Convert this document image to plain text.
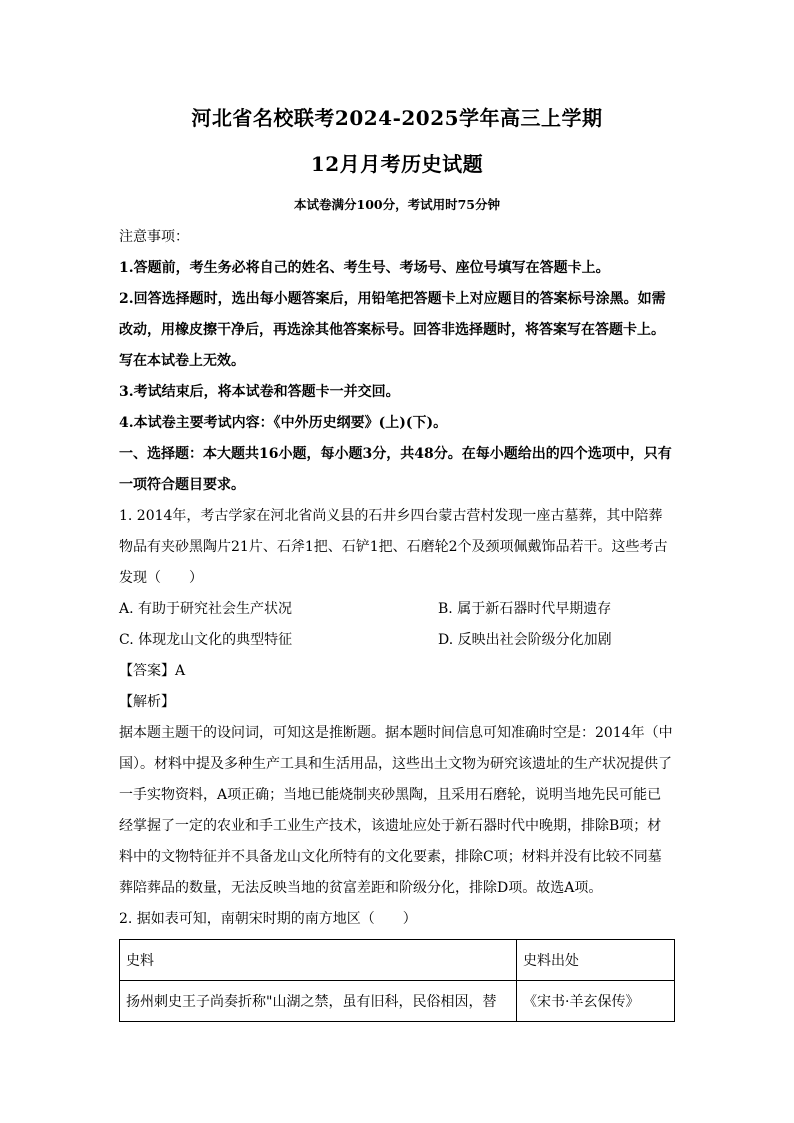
河北省名校联考2024-2025学年高三上学期
12月月考历史试题
本试卷满分100分，考试用时75分钟

注意事项：

1.答题前，考生务必将自己的姓名、考生号、考场号、座位号填写在答题卡上。

2.回答选择题时，选出每小题答案后，用铅笔把答题卡上对应题目的答案标号涂黑。如需改动，用橡皮擦干净后，再选涂其他答案标号。回答非选择题时，将答案写在答题卡上。写在本试卷上无效。

3.考试结束后，将本试卷和答题卡一并交回。

4.本试卷主要考试内容：《中外历史纲要》(上)(下)。

一、选择题：本大题共16小题，每小题3分，共48分。在每小题给出的四个选项中，只有一项符合题目要求。

1. 2014年，考古学家在河北省尚义县的石井乡四台蒙古营村发现一座古墓葬，其中陪葬物品有夹砂黑陶片21片、石斧1把、石铲1把、石磨轮2个及颈项佩戴饰品若干。这些考古发现（　　）

A. 有助于研究社会生产状况	B. 属于新石器时代早期遗存
C. 体现龙山文化的典型特征	D. 反映出社会阶级分化加剧

【答案】A

【解析】

据本题主题干的设问词，可知这是推断题。据本题时间信息可知准确时空是：2014年（中国）。材料中提及多种生产工具和生活用品，这些出土文物为研究该遗址的生产状况提供了一手实物资料，A项正确；当地已能烧制夹砂黑陶，且采用石磨轮，说明当地先民可能已经掌握了一定的农业和手工业生产技术，该遗址应处于新石器时代中晚期，排除B项；材料中的文物特征并不具备龙山文化所特有的文化要素，排除C项；材料并没有比较不同墓葬陪葬品的数量，无法反映当地的贫富差距和阶级分化，排除D项。故选A项。

2. 据如表可知，南朝宋时期的南方地区（　　）

史料	史料出处
扬州刺史王子尚奏折称"山湖之禁，虽有旧科，民俗相因，替	《宋书·羊玄保传》
